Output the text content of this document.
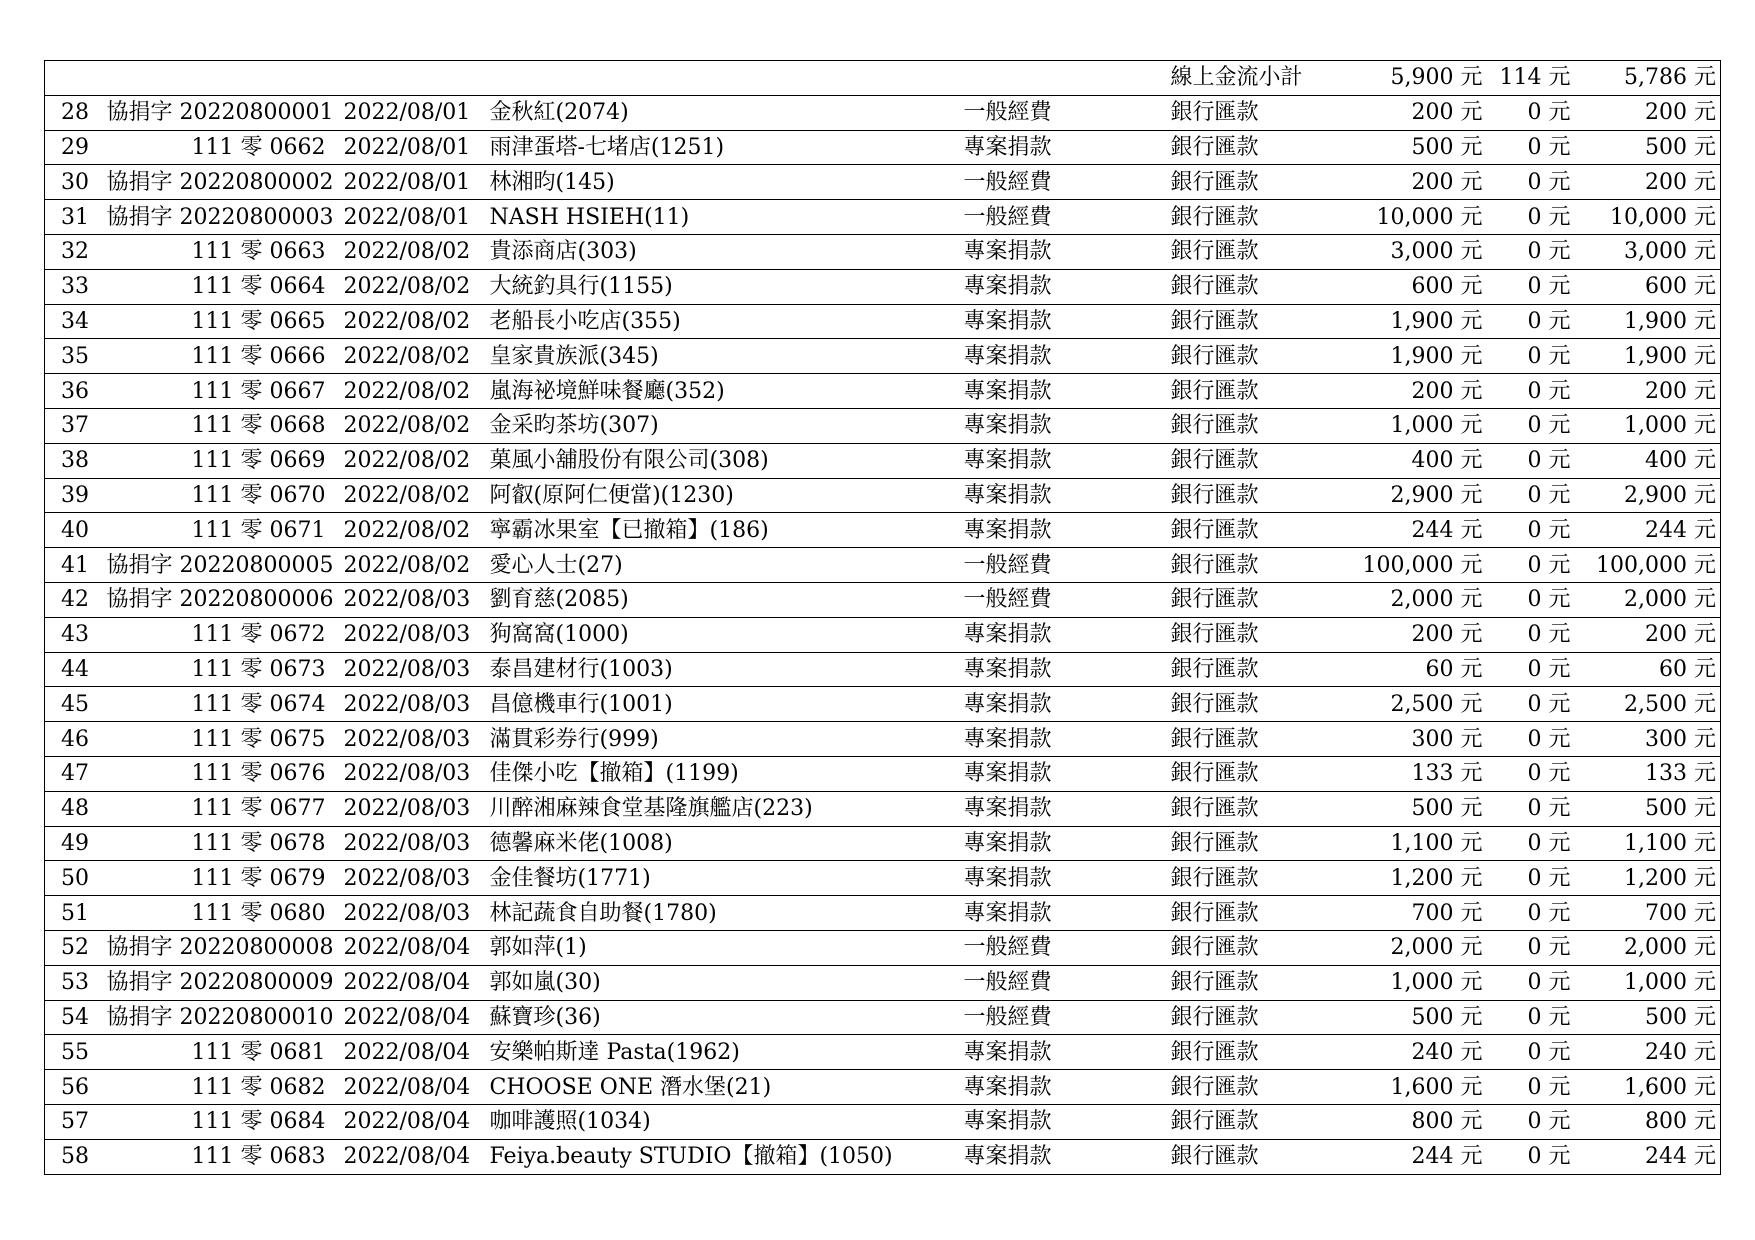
					線上金流小計	5,900 元	114 元	5,786 元
28	協捐字 20220800001	2022/08/01	金秋紅(2074)	一般經費	銀行匯款	200 元	0 元	200 元
29	111 零 0662	2022/08/01	雨津蛋塔-七堵店(1251)	專案捐款	銀行匯款	500 元	0 元	500 元
30	協捐字 20220800002	2022/08/01	林湘昀(145)	一般經費	銀行匯款	200 元	0 元	200 元
31	協捐字 20220800003	2022/08/01	NASH HSIEH(11)	一般經費	銀行匯款	10,000 元	0 元	10,000 元
32	111 零 0663	2022/08/02	貴添商店(303)	專案捐款	銀行匯款	3,000 元	0 元	3,000 元
33	111 零 0664	2022/08/02	大統釣具行(1155)	專案捐款	銀行匯款	600 元	0 元	600 元
34	111 零 0665	2022/08/02	老船長小吃店(355)	專案捐款	銀行匯款	1,900 元	0 元	1,900 元
35	111 零 0666	2022/08/02	皇家貴族派(345)	專案捐款	銀行匯款	1,900 元	0 元	1,900 元
36	111 零 0667	2022/08/02	嵐海祕境鮮味餐廳(352)	專案捐款	銀行匯款	200 元	0 元	200 元
37	111 零 0668	2022/08/02	金采昀茶坊(307)	專案捐款	銀行匯款	1,000 元	0 元	1,000 元
38	111 零 0669	2022/08/02	菓風小舖股份有限公司(308)	專案捐款	銀行匯款	400 元	0 元	400 元
39	111 零 0670	2022/08/02	阿叡(原阿仁便當)(1230)	專案捐款	銀行匯款	2,900 元	0 元	2,900 元
40	111 零 0671	2022/08/02	寧霸冰果室【已撤箱】(186)	專案捐款	銀行匯款	244 元	0 元	244 元
41	協捐字 20220800005	2022/08/02	愛心人士(27)	一般經費	銀行匯款	100,000 元	0 元	100,000 元
42	協捐字 20220800006	2022/08/03	劉育慈(2085)	一般經費	銀行匯款	2,000 元	0 元	2,000 元
43	111 零 0672	2022/08/03	狗窩窩(1000)	專案捐款	銀行匯款	200 元	0 元	200 元
44	111 零 0673	2022/08/03	泰昌建材行(1003)	專案捐款	銀行匯款	60 元	0 元	60 元
45	111 零 0674	2022/08/03	昌億機車行(1001)	專案捐款	銀行匯款	2,500 元	0 元	2,500 元
46	111 零 0675	2022/08/03	滿貫彩券行(999)	專案捐款	銀行匯款	300 元	0 元	300 元
47	111 零 0676	2022/08/03	佳傑小吃【撤箱】(1199)	專案捐款	銀行匯款	133 元	0 元	133 元
48	111 零 0677	2022/08/03	川醉湘麻辣食堂基隆旗艦店(223)	專案捐款	銀行匯款	500 元	0 元	500 元
49	111 零 0678	2022/08/03	德馨麻米佬(1008)	專案捐款	銀行匯款	1,100 元	0 元	1,100 元
50	111 零 0679	2022/08/03	金佳餐坊(1771)	專案捐款	銀行匯款	1,200 元	0 元	1,200 元
51	111 零 0680	2022/08/03	林記蔬食自助餐(1780)	專案捐款	銀行匯款	700 元	0 元	700 元
52	協捐字 20220800008	2022/08/04	郭如萍(1)	一般經費	銀行匯款	2,000 元	0 元	2,000 元
53	協捐字 20220800009	2022/08/04	郭如嵐(30)	一般經費	銀行匯款	1,000 元	0 元	1,000 元
54	協捐字 20220800010	2022/08/04	蘇寶珍(36)	一般經費	銀行匯款	500 元	0 元	500 元
55	111 零 0681	2022/08/04	安樂帕斯達 Pasta(1962)	專案捐款	銀行匯款	240 元	0 元	240 元
56	111 零 0682	2022/08/04	CHOOSE ONE 潛水堡(21)	專案捐款	銀行匯款	1,600 元	0 元	1,600 元
57	111 零 0684	2022/08/04	咖啡護照(1034)	專案捐款	銀行匯款	800 元	0 元	800 元
58	111 零 0683	2022/08/04	Feiya.beauty STUDIO【撤箱】(1050)	專案捐款	銀行匯款	244 元	0 元	244 元
